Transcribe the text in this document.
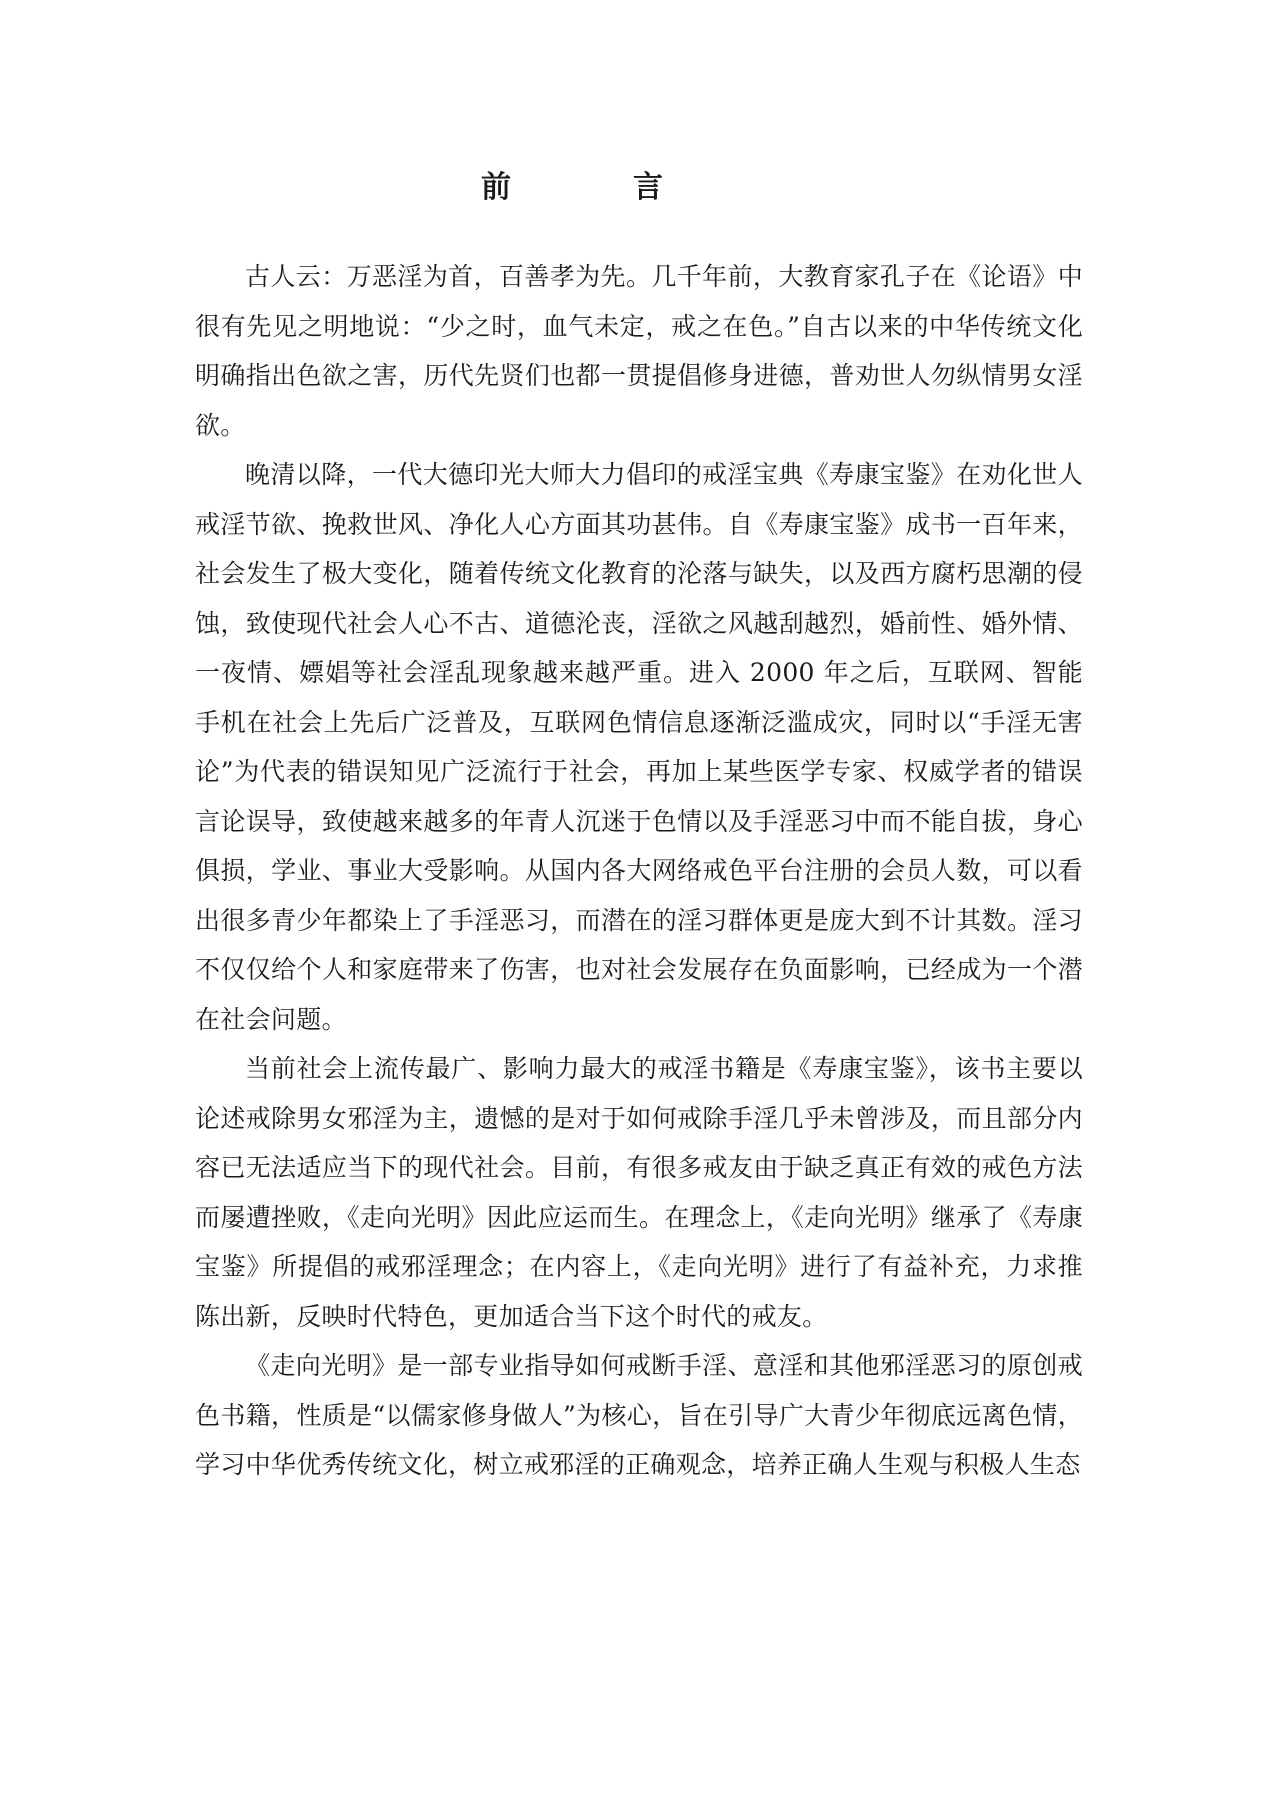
前　言

古人云：万恶淫为首，百善孝为先。几千年前，大教育家孔子在《论语》中很有先见之明地说：“少之时，血气未定，戒之在色。”自古以来的中华传统文化明确指出色欲之害，历代先贤们也都一贯提倡修身进德，普劝世人勿纵情男女淫欲。

晚清以降，一代大德印光大师大力倡印的戒淫宝典《寿康宝鉴》在劝化世人戒淫节欲、挽救世风、净化人心方面其功甚伟。自《寿康宝鉴》成书一百年来，社会发生了极大变化，随着传统文化教育的沦落与缺失，以及西方腐朽思潮的侵蚀，致使现代社会人心不古、道德沦丧，淫欲之风越刮越烈，婚前性、婚外情、一夜情、嫖娼等社会淫乱现象越来越严重。进入 2000 年之后，互联网、智能手机在社会上先后广泛普及，互联网色情信息逐渐泛滥成灾，同时以“手淫无害论”为代表的错误知见广泛流行于社会，再加上某些医学专家、权威学者的错误言论误导，致使越来越多的年青人沉迷于色情以及手淫恶习中而不能自拔，身心俱损，学业、事业大受影响。从国内各大网络戒色平台注册的会员人数，可以看出很多青少年都染上了手淫恶习，而潜在的淫习群体更是庞大到不计其数。淫习不仅仅给个人和家庭带来了伤害，也对社会发展存在负面影响，已经成为一个潜在社会问题。

当前社会上流传最广、影响力最大的戒淫书籍是《寿康宝鉴》，该书主要以论述戒除男女邪淫为主，遗憾的是对于如何戒除手淫几乎未曾涉及，而且部分内容已无法适应当下的现代社会。目前，有很多戒友由于缺乏真正有效的戒色方法而屡遭挫败，《走向光明》因此应运而生。在理念上，《走向光明》继承了《寿康宝鉴》所提倡的戒邪淫理念；在内容上，《走向光明》进行了有益补充，力求推陈出新，反映时代特色，更加适合当下这个时代的戒友。

《走向光明》是一部专业指导如何戒断手淫、意淫和其他邪淫恶习的原创戒色书籍，性质是“以儒家修身做人”为核心，旨在引导广大青少年彻底远离色情，学习中华优秀传统文化，树立戒邪淫的正确观念，培养正确人生观与积极人生态
